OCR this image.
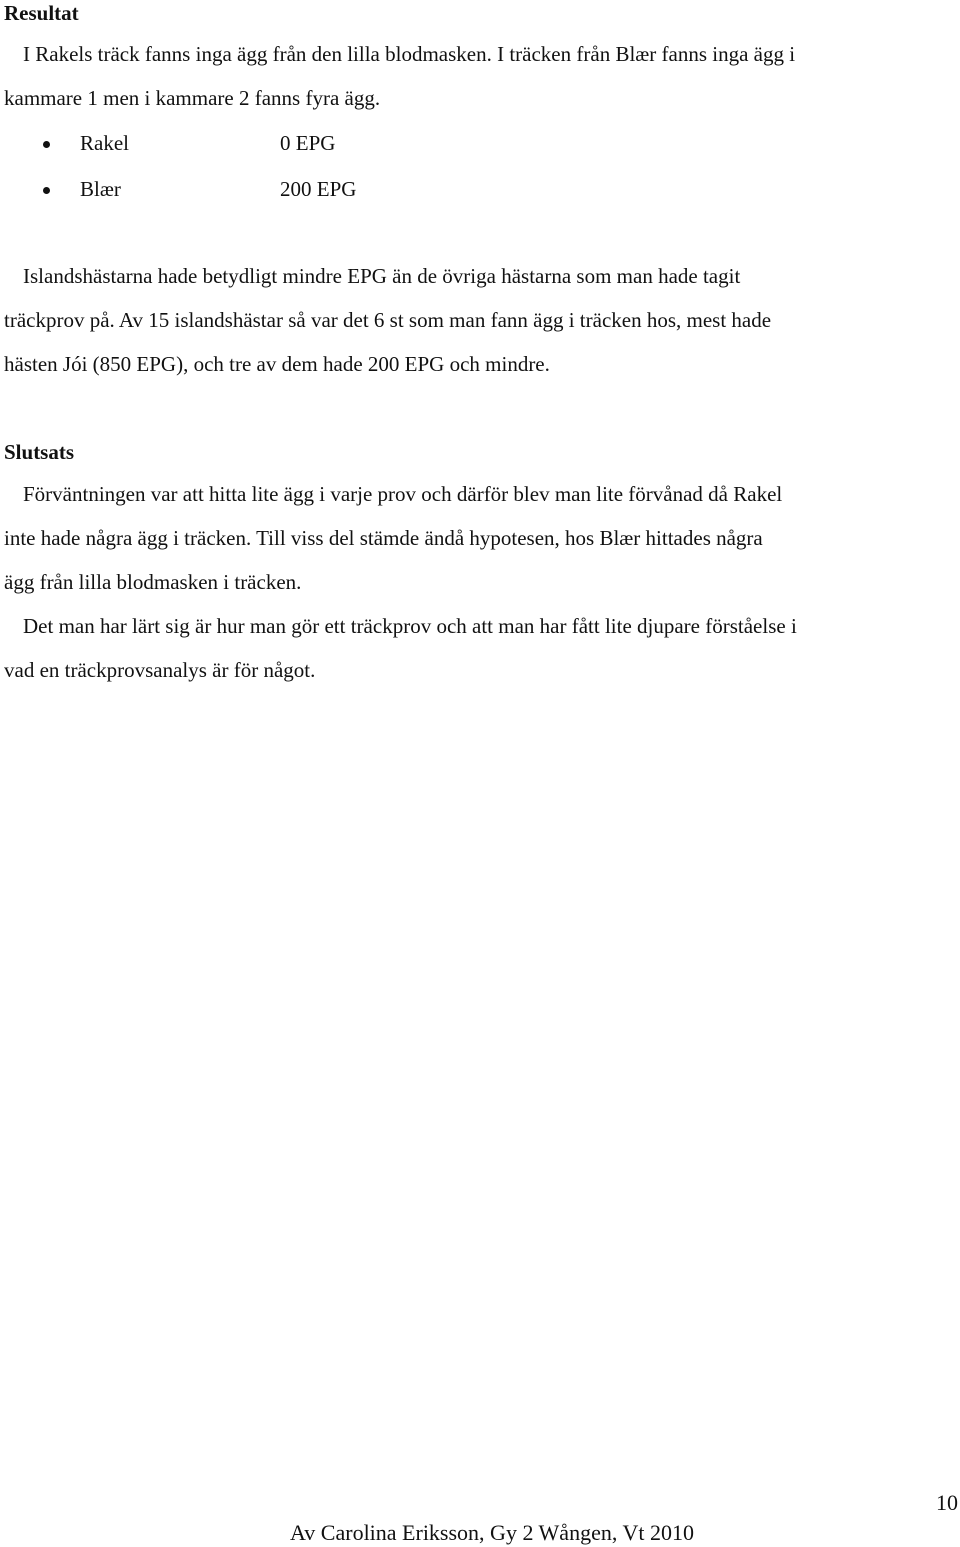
Resultat

I Rakels träck fanns inga ägg från den lilla blodmasken. I träcken från Blær fanns inga ägg i
kammare 1 men i kammare 2 fanns fyra ägg.

Rakel	0 EPG
Blær	200 EPG

Islandshästarna hade betydligt mindre EPG än de övriga hästarna som man hade tagit
träckprov på. Av 15 islandshästar så var det 6 st som man fann ägg i träcken hos, mest hade
hästen Jói (850 EPG), och tre av dem hade 200 EPG och mindre.

Slutsats

Förväntningen var att hitta lite ägg i varje prov och därför blev man lite förvånad då Rakel
inte hade några ägg i träcken. Till viss del stämde ändå hypotesen, hos Blær hittades några
ägg från lilla blodmasken i träcken.

Det man har lärt sig är hur man gör ett träckprov och att man har fått lite djupare förståelse i
vad en träckprovsanalys är för något.

10
Av Carolina Eriksson, Gy 2 Wången, Vt 2010
